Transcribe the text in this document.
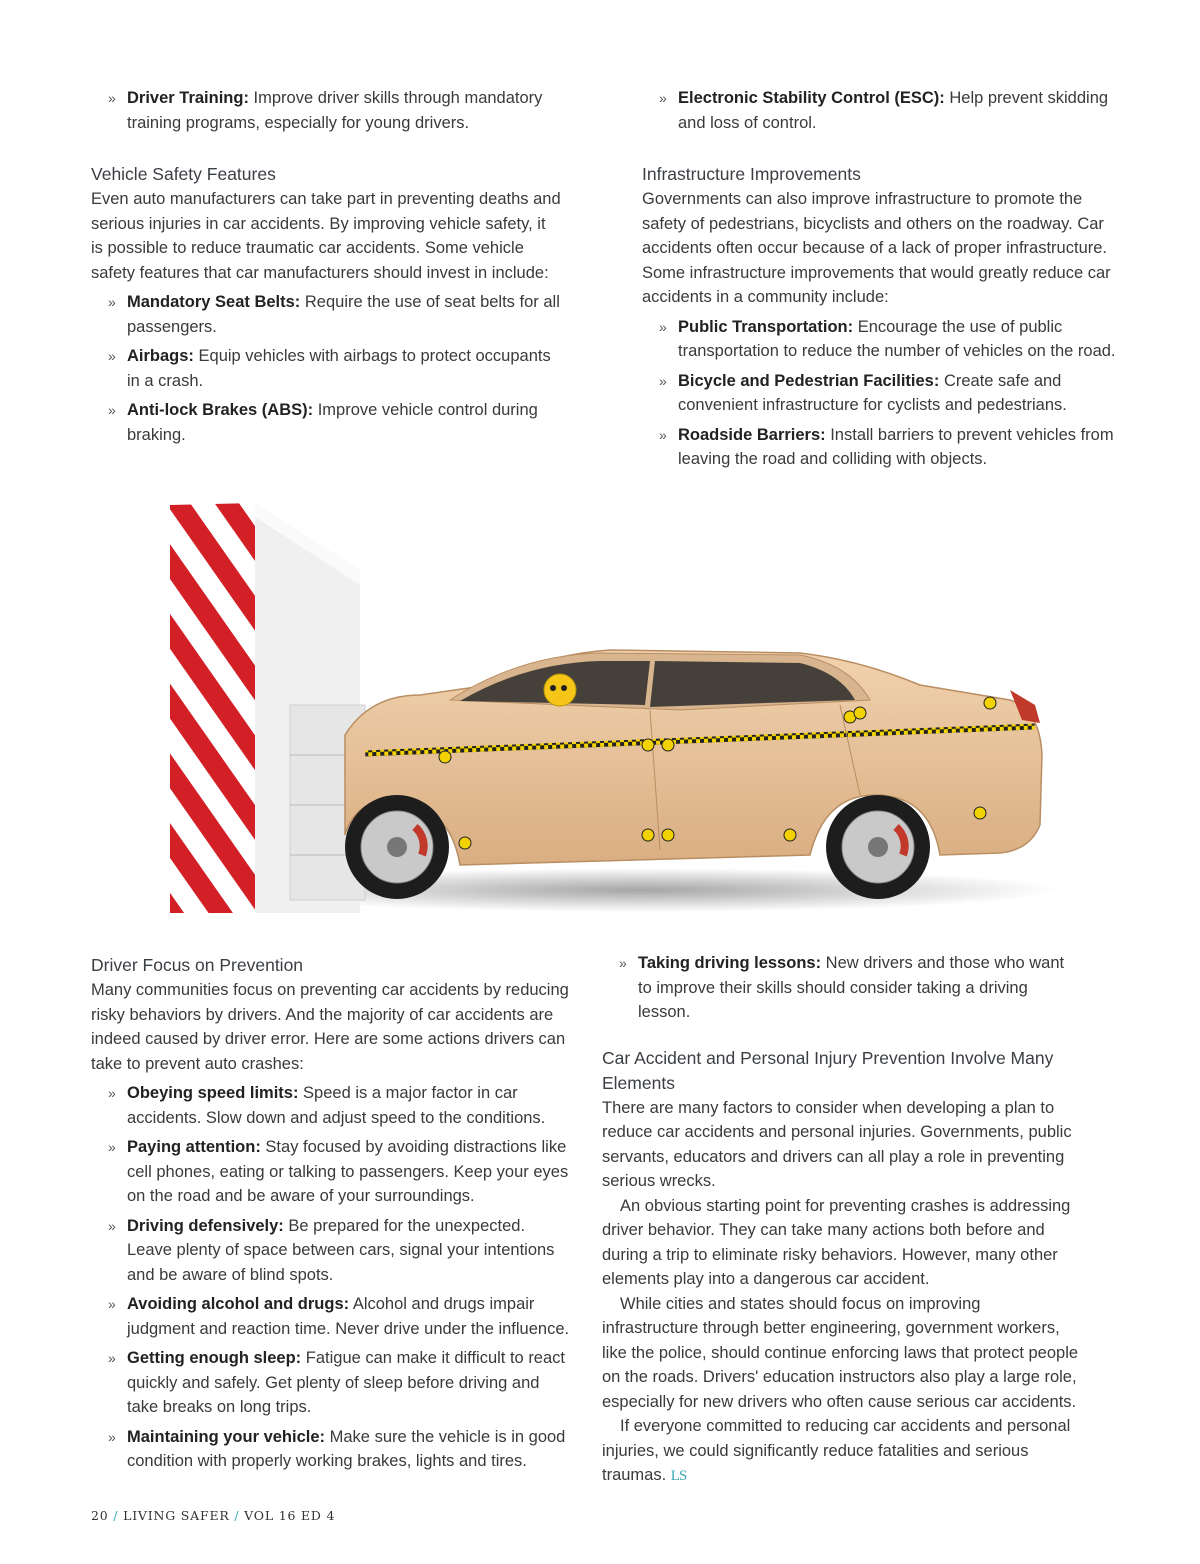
» Driver Training: Improve driver skills through mandatory training programs, especially for young drivers.
Vehicle Safety Features

Even auto manufacturers can take part in preventing deaths and serious injuries in car accidents. By improving vehicle safety, it is possible to reduce traumatic car accidents. Some vehicle safety features that car manufacturers should invest in include:

» Mandatory Seat Belts: Require the use of seat belts for all passengers.
» Airbags: Equip vehicles with airbags to protect occupants in a crash.
» Anti-lock Brakes (ABS): Improve vehicle control during braking.
» Electronic Stability Control (ESC): Help prevent skidding and loss of control.
Infrastructure Improvements

Governments can also improve infrastructure to promote the safety of pedestrians, bicyclists and others on the roadway. Car accidents often occur because of a lack of proper infrastructure. Some infrastructure improvements that would greatly reduce car accidents in a community include:

» Public Transportation: Encourage the use of public transportation to reduce the number of vehicles on the road.
» Bicycle and Pedestrian Facilities: Create safe and convenient infrastructure for cyclists and pedestrians.
» Roadside Barriers: Install barriers to prevent vehicles from leaving the road and colliding with objects.
Driver Focus on Prevention

Many communities focus on preventing car accidents by reducing risky behaviors by drivers. And the majority of car accidents are indeed caused by driver error. Here are some actions drivers can take to prevent auto crashes:

» Obeying speed limits: Speed is a major factor in car accidents. Slow down and adjust speed to the conditions.
» Paying attention: Stay focused by avoiding distractions like cell phones, eating or talking to passengers. Keep your eyes on the road and be aware of your surroundings.
» Driving defensively: Be prepared for the unexpected. Leave plenty of space between cars, signal your intentions and be aware of blind spots.
» Avoiding alcohol and drugs: Alcohol and drugs impair judgment and reaction time. Never drive under the influence.
» Getting enough sleep: Fatigue can make it difficult to react quickly and safely. Get plenty of sleep before driving and take breaks on long trips.
» Maintaining your vehicle: Make sure the vehicle is in good condition with properly working brakes, lights and tires.
» Taking driving lessons: New drivers and those who want to improve their skills should consider taking a driving lesson.
Car Accident and Personal Injury Prevention Involve Many Elements

There are many factors to consider when developing a plan to reduce car accidents and personal injuries. Governments, public servants, educators and drivers can all play a role in preventing serious wrecks.

An obvious starting point for preventing crashes is addressing driver behavior. They can take many actions both before and during a trip to eliminate risky behaviors. However, many other elements play into a dangerous car accident.

While cities and states should focus on improving infrastructure through better engineering, government workers, like the police, should continue enforcing laws that protect people on the roads. Drivers' education instructors also play a large role, especially for new drivers who often cause serious car accidents.

If everyone committed to reducing car accidents and personal injuries, we could significantly reduce fatalities and serious traumas. LS

20 / LIVING SAFER / VOL 16 ED 4
